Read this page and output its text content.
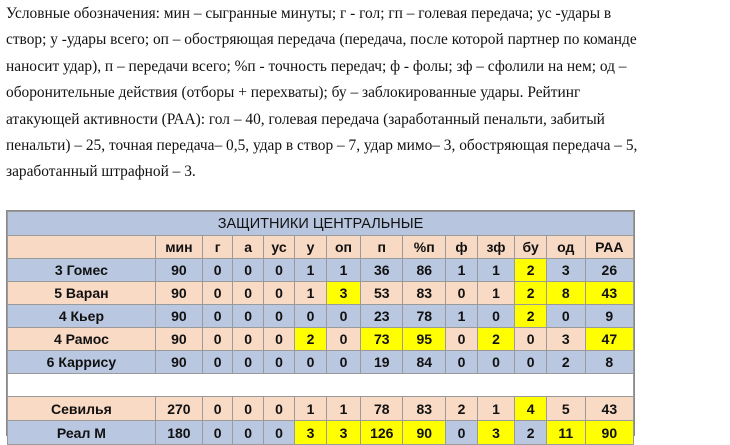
Условные обозначения: мин – сыгранные минуты; г - гол; гп – голевая передача; ус -удары в
створ; у -удары всего; оп – обостряющая передача (передача, после которой партнер по команде
наносит удар), п – передачи всего; %п - точность передач; ф - фолы; зф – сфолили на нем; од –
оборонительные действия (отборы + перехваты); бу – заблокированные удары. Рейтинг
атакующей активности (РАА): гол – 40, голевая передача (заработанный пенальти, забитый
пенальти) – 25, точная передача– 0,5, удар в створ – 7, удар мимо– 3, обостряющая передача – 5,
заработанный штрафной – 3.
ЗАЩИТНИКИ ЦЕНТРАЛЬНЫЕ													
	мин	г	а	ус	у	оп	п	%п	ф	зф	бу	од	РАА
3 Гомес	90	0	0	0	1	1	36	86	1	1	2	3	26
5 Варан	90	0	0	0	1	3	53	83	0	1	2	8	43
4 Кьер	90	0	0	0	0	0	23	78	1	0	2	0	9
4 Рамос	90	0	0	0	2	0	73	95	0	2	0	3	47
6 Каррису	90	0	0	0	0	0	19	84	0	0	0	2	8

Севилья	270	0	0	0	1	1	78	83	2	1	4	5	43
Реал М	180	0	0	0	3	3	126	90	0	3	2	11	90
